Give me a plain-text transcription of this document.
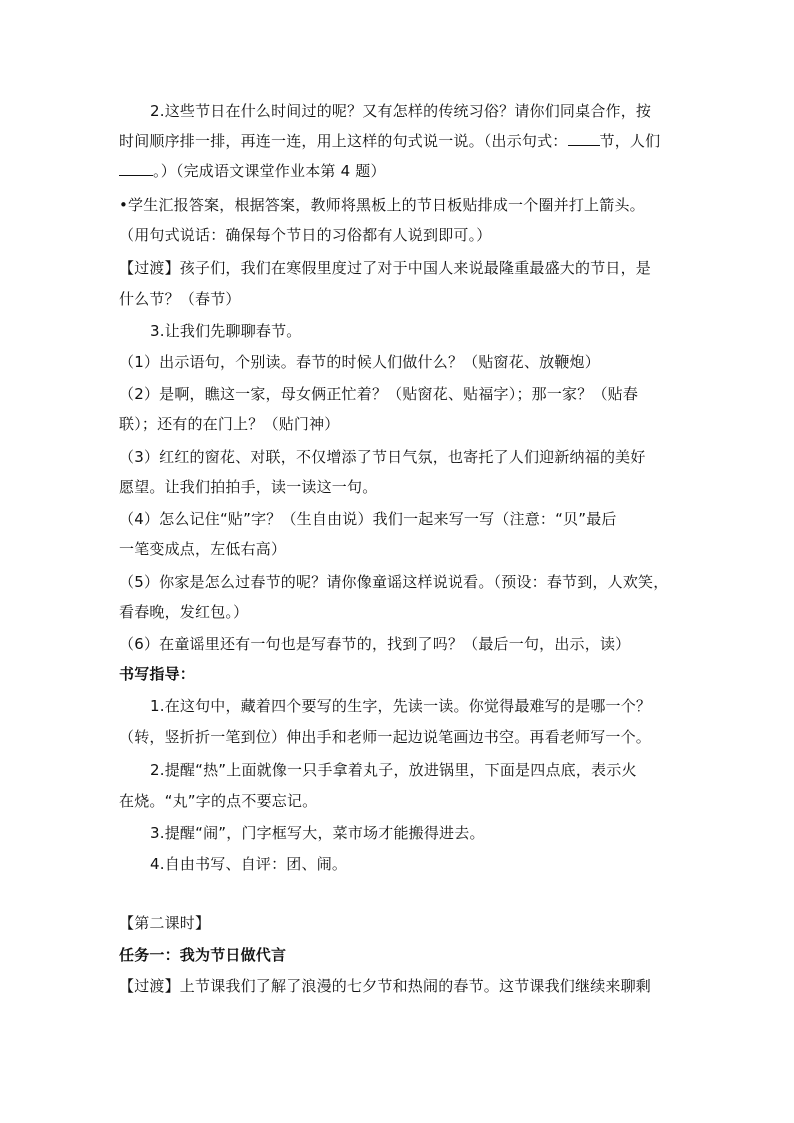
2.这些节日在什么时间过的呢？又有怎样的传统习俗？请你们同桌合作，按
时间顺序排一排，再连一连，用上这样的句式说一说。（出示句式： 节，人们
。）（完成语文课堂作业本第 4 题）
•学生汇报答案，根据答案，教师将黑板上的节日板贴排成一个圈并打上箭头。
（用句式说话：确保每个节日的习俗都有人说到即可。）
【过渡】孩子们，我们在寒假里度过了对于中国人来说最隆重最盛大的节日，是
什么节？（春节）
3.让我们先聊聊春节。
（1）出示语句，个别读。春节的时候人们做什么？（贴窗花、放鞭炮）
（2）是啊，瞧这一家，母女俩正忙着？（贴窗花、贴福字）；那一家？（贴春
联）；还有的在门上？（贴门神）
（3）红红的窗花、对联，不仅增添了节日气氛，也寄托了人们迎新纳福的美好
愿望。让我们拍拍手，读一读这一句。
（4）怎么记住“贴”字？（生自由说）我们一起来写一写（注意：“贝”最后
一笔变成点，左低右高）
（5）你家是怎么过春节的呢？请你像童谣这样说说看。（预设：春节到，人欢笑，
看春晚，发红包。）
（6）在童谣里还有一句也是写春节的，找到了吗？（最后一句，出示，读）
书写指导：
1.在这句中，藏着四个要写的生字，先读一读。你觉得最难写的是哪一个？
（转，竖折折一笔到位）伸出手和老师一起边说笔画边书空。再看老师写一个。
2.提醒“热”上面就像一只手拿着丸子，放进锅里，下面是四点底，表示火
在烧。“丸”字的点不要忘记。
3.提醒“闹”，门字框写大，菜市场才能搬得进去。
4.自由书写、自评：团、闹。
【第二课时】
任务一：我为节日做代言
【过渡】上节课我们了解了浪漫的七夕节和热闹的春节。这节课我们继续来聊剩
